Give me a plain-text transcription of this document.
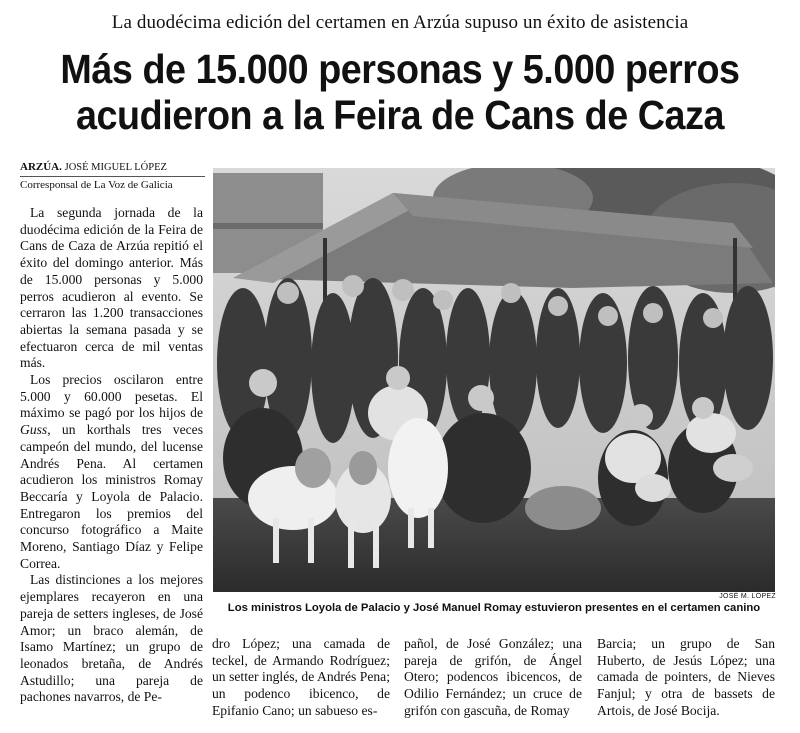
La duodécima edición del certamen en Arzúa supuso un éxito de asistencia
Más de 15.000 personas y 5.000 perros
acudieron a la Feira de Cans de Caza
ARZÚA. JOSÉ MIGUEL LÓPEZ
Corresponsal de La Voz de Galicia

La segunda jornada de la duodécima edición de la Feira de Cans de Caza de Arzúa repitió el éxito del domingo anterior. Más de 15.000 personas y 5.000 perros acudieron al evento. Se cerraron las 1.200 transacciones abiertas la semana pasada y se efectuaron cerca de mil ventas más.

Los precios oscilaron entre 5.000 y 60.000 pesetas. El máximo se pagó por los hijos de Guss, un korthals tres veces campeón del mundo, del lucense Andrés Pena. Al certamen acudieron los ministros Romay Beccaría y Loyola de Palacio. Entregaron los premios del concurso fotográfico a Maite Moreno, Santiago Díaz y Felipe Correa.

Las distinciones a los mejores ejemplares recayeron en una pareja de setters ingleses, de José Amor; un braco alemán, de Isamo Martínez; un grupo de leonados bretaña, de Andrés Astudillo; una pareja de pachones navarros, de Pe-

JOSÉ M. LÓPEZ
Los ministros Loyola de Palacio y José Manuel Romay estuvieron presentes en el certamen canino

dro López; una camada de teckel, de Armando Rodríguez; un setter inglés, de Andrés Pena; un podenco ibicenco, de Epifanio Cano; un sabueso es-

pañol, de José González; una pareja de grifón, de Ángel Otero; podencos ibicencos, de Odilio Fernández; un cruce de grifón con gascuña, de Romay

Barcia; un grupo de San Huberto, de Jesús López; una camada de pointers, de Nieves Fanjul; y otra de bassets de Artois, de José Bocija.
